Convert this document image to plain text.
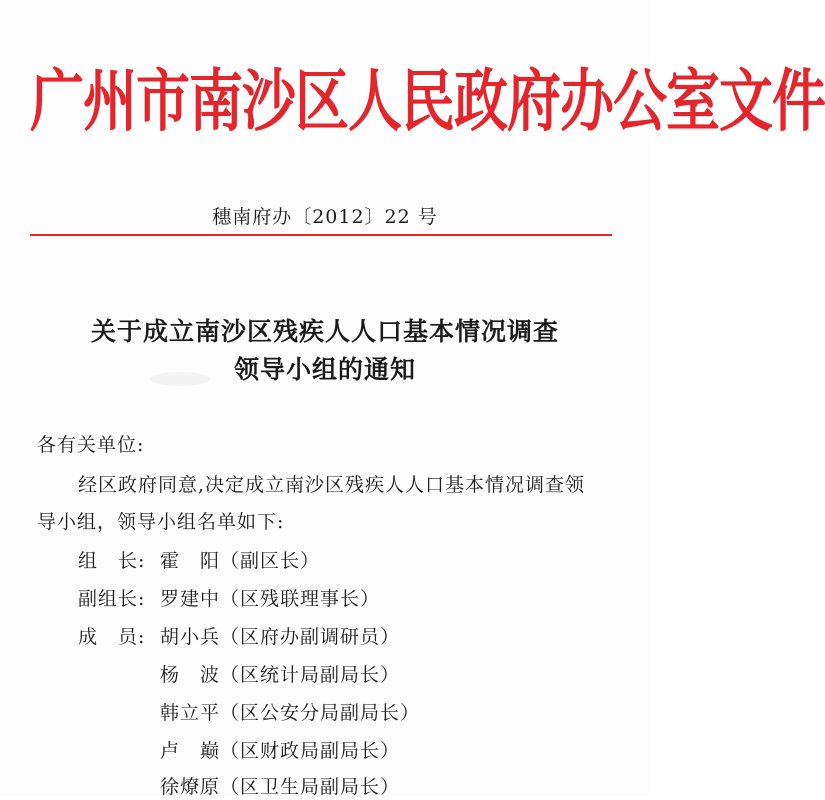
广州市南沙区人民政府办公室文件
穗南府办〔2012〕22 号
关于成立南沙区残疾人人口基本情况调查
领导小组的通知
各有关单位:
经区政府同意,决定成立南沙区残疾人人口基本情况调查领
导小组，领导小组名单如下:
组　长: 霍　阳（副区长）
副组长: 罗建中（区残联理事长）
成　员: 胡小兵（区府办副调研员）
杨　波（区统计局副局长）
韩立平（区公安分局副局长）
卢　巅（区财政局副局长）
徐燎原（区卫生局副局长）
